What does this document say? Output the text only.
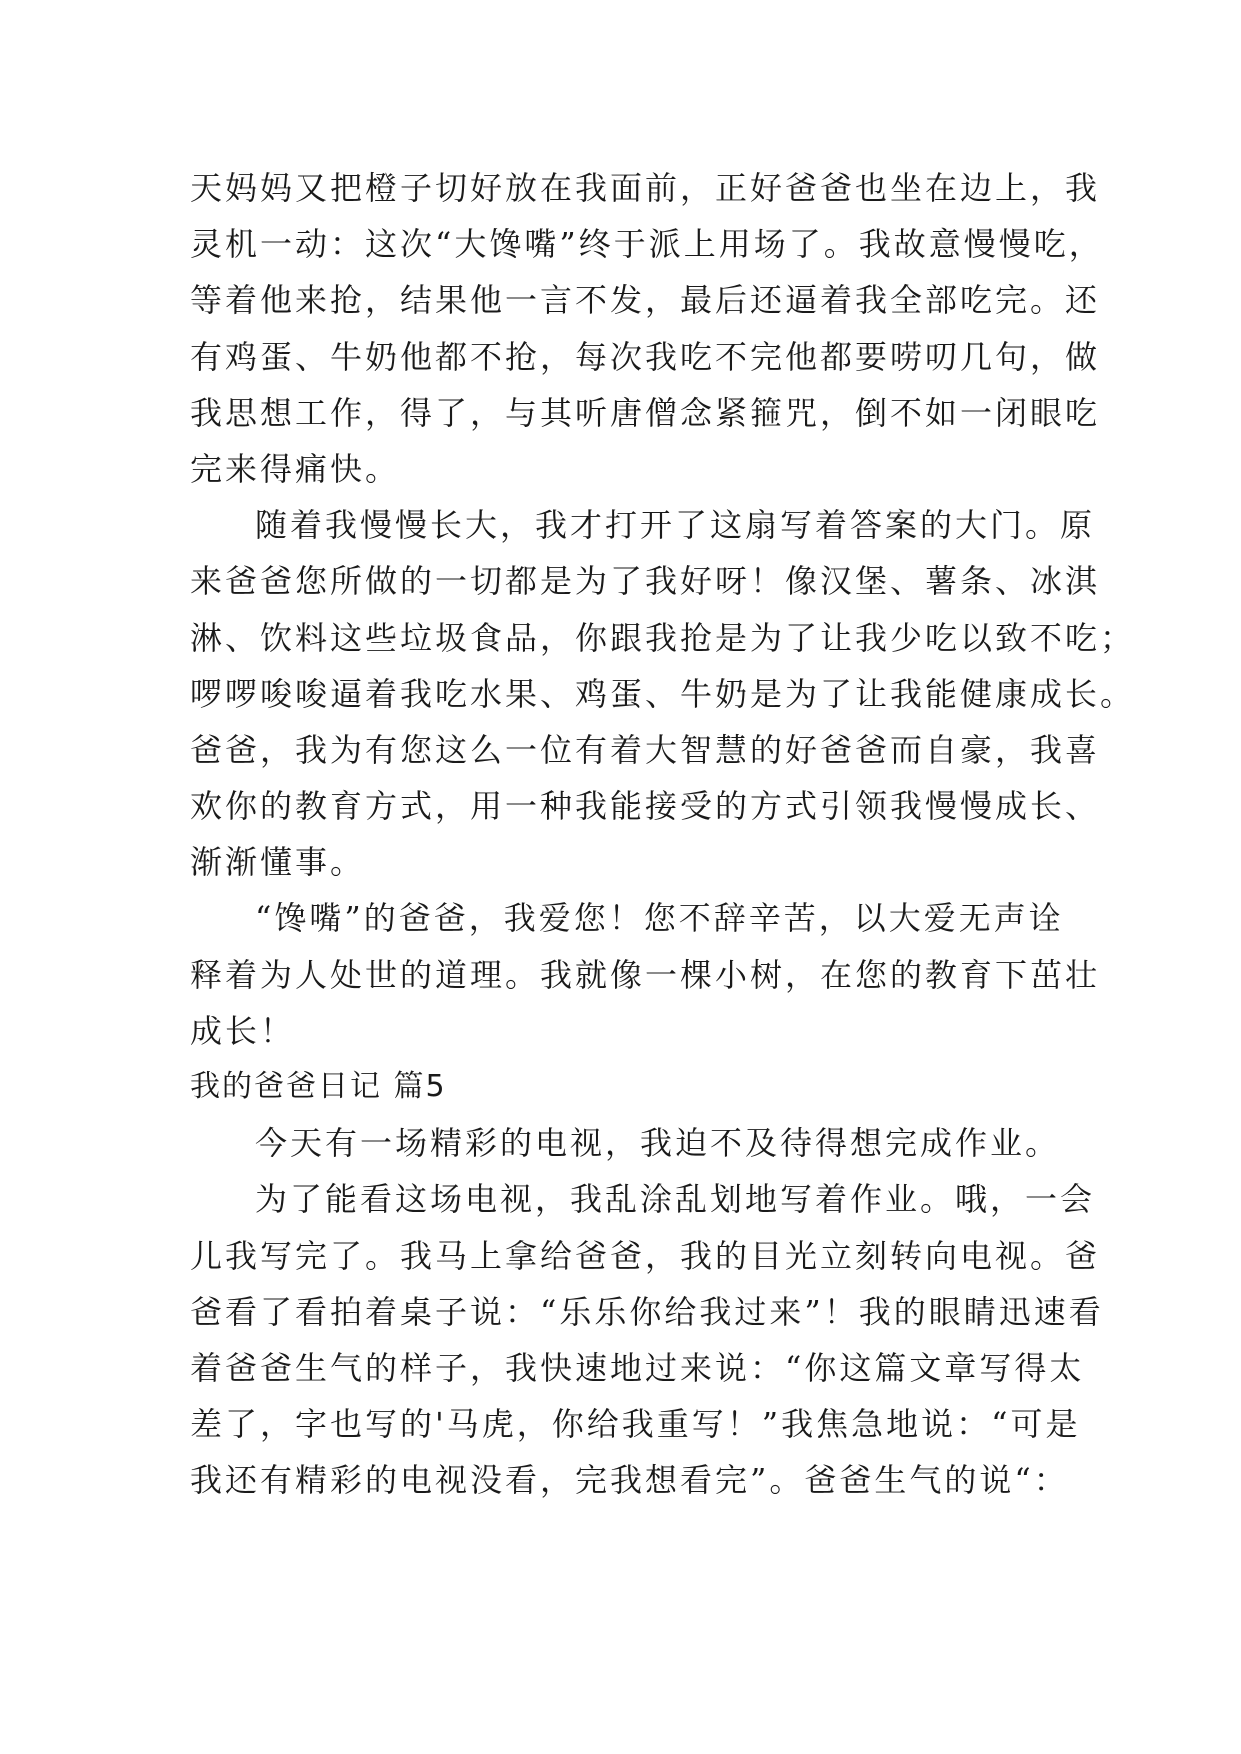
天妈妈又把橙子切好放在我面前，正好爸爸也坐在边上，我
灵机一动：这次“大馋嘴”终于派上用场了。我故意慢慢吃，
等着他来抢，结果他一言不发，最后还逼着我全部吃完。还
有鸡蛋、牛奶他都不抢，每次我吃不完他都要唠叨几句，做
我思想工作，得了，与其听唐僧念紧箍咒，倒不如一闭眼吃
完来得痛快。
随着我慢慢长大，我才打开了这扇写着答案的大门。原
来爸爸您所做的一切都是为了我好呀！像汉堡、薯条、冰淇
淋、饮料这些垃圾食品，你跟我抢是为了让我少吃以致不吃；
啰啰唆唆逼着我吃水果、鸡蛋、牛奶是为了让我能健康成长。
爸爸，我为有您这么一位有着大智慧的好爸爸而自豪，我喜
欢你的教育方式，用一种我能接受的方式引领我慢慢成长、
渐渐懂事。
“馋嘴”的爸爸，我爱您！您不辞辛苦，以大爱无声诠
释着为人处世的道理。我就像一棵小树，在您的教育下茁壮
成长！
我的爸爸日记 篇5
今天有一场精彩的电视，我迫不及待得想完成作业。
为了能看这场电视，我乱涂乱划地写着作业。哦，一会
儿我写完了。我马上拿给爸爸，我的目光立刻转向电视。爸
爸看了看拍着桌子说：“乐乐你给我过来”！我的眼睛迅速看
着爸爸生气的样子，我快速地过来说：“你这篇文章写得太
差了，字也写的'马虎，你给我重写！”我焦急地说：“可是
我还有精彩的电视没看，完我想看完”。爸爸生气的说“：
